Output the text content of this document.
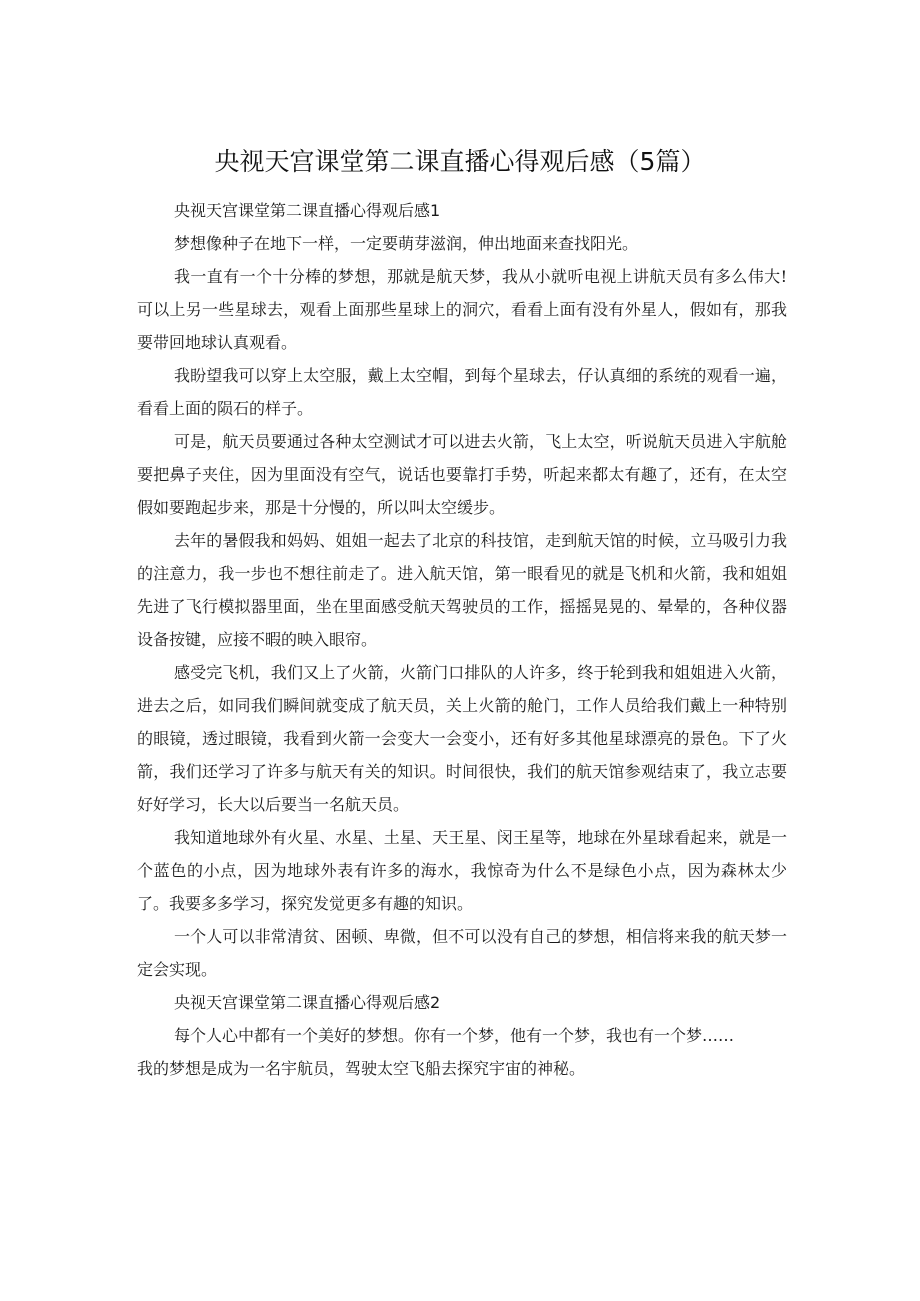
央视天宫课堂第二课直播心得观后感（5篇）

央视天宫课堂第二课直播心得观后感1

梦想像种子在地下一样，一定要萌芽滋润，伸出地面来查找阳光。

我一直有一个十分棒的梦想，那就是航天梦，我从小就听电视上讲航天员有多么伟大!可以上另一些星球去，观看上面那些星球上的洞穴，看看上面有没有外星人，假如有，那我要带回地球认真观看。

我盼望我可以穿上太空服，戴上太空帽，到每个星球去，仔认真细的系统的观看一遍，看看上面的陨石的样子。

可是，航天员要通过各种太空测试才可以进去火箭，飞上太空，听说航天员进入宇航舱要把鼻子夹住，因为里面没有空气，说话也要靠打手势，听起来都太有趣了，还有，在太空假如要跑起步来，那是十分慢的，所以叫太空缓步。

去年的暑假我和妈妈、姐姐一起去了北京的科技馆，走到航天馆的时候，立马吸引力我的注意力，我一步也不想往前走了。进入航天馆，第一眼看见的就是飞机和火箭，我和姐姐先进了飞行模拟器里面，坐在里面感受航天驾驶员的工作，摇摇晃晃的、晕晕的，各种仪器设备按键，应接不暇的映入眼帘。

感受完飞机，我们又上了火箭，火箭门口排队的人许多，终于轮到我和姐姐进入火箭，进去之后，如同我们瞬间就变成了航天员，关上火箭的舱门，工作人员给我们戴上一种特别的眼镜，透过眼镜，我看到火箭一会变大一会变小，还有好多其他星球漂亮的景色。下了火箭，我们还学习了许多与航天有关的知识。时间很快，我们的航天馆参观结束了，我立志要好好学习，长大以后要当一名航天员。

我知道地球外有火星、水星、土星、天王星、闵王星等，地球在外星球看起来，就是一个蓝色的小点，因为地球外表有许多的海水，我惊奇为什么不是绿色小点，因为森林太少了。我要多多学习，探究发觉更多有趣的知识。

一个人可以非常清贫、困顿、卑微，但不可以没有自己的梦想，相信将来我的航天梦一定会实现。

央视天宫课堂第二课直播心得观后感2

每个人心中都有一个美好的梦想。你有一个梦，他有一个梦，我也有一个梦……

我的梦想是成为一名宇航员，驾驶太空飞船去探究宇宙的神秘。
